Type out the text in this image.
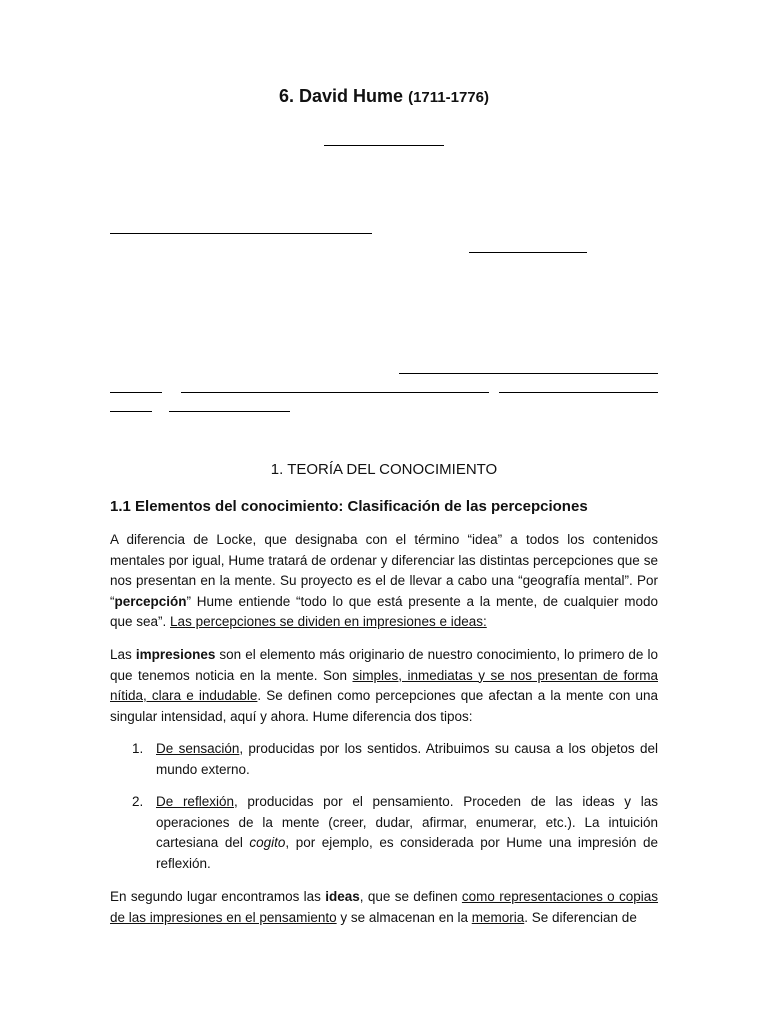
6. David Hume (1711-1776)
1. TEORÍA DEL CONOCIMIENTO
1.1 Elementos del conocimiento: Clasificación de las percepciones
A diferencia de Locke, que designaba con el término “idea” a todos los contenidos mentales por igual, Hume tratará de ordenar y diferenciar las distintas percepciones que se nos presentan en la mente. Su proyecto es el de llevar a cabo una “geografía mental”. Por “percepción” Hume entiende “todo lo que está presente a la mente, de cualquier modo que sea”. Las percepciones se dividen en impresiones e ideas:
Las impresiones son el elemento más originario de nuestro conocimiento, lo primero de lo que tenemos noticia en la mente. Son simples, inmediatas y se nos presentan de forma nítida, clara e indudable. Se definen como percepciones que afectan a la mente con una singular intensidad, aquí y ahora. Hume diferencia dos tipos:
1. De sensación, producidas por los sentidos. Atribuimos su causa a los objetos del mundo externo.
2. De reflexión, producidas por el pensamiento. Proceden de las ideas y las operaciones de la mente (creer, dudar, afirmar, enumerar, etc.). La intuición cartesiana del cogito, por ejemplo, es considerada por Hume una impresión de reflexión.
En segundo lugar encontramos las ideas, que se definen como representaciones o copias de las impresiones en el pensamiento y se almacenan en la memoria. Se diferencian de
